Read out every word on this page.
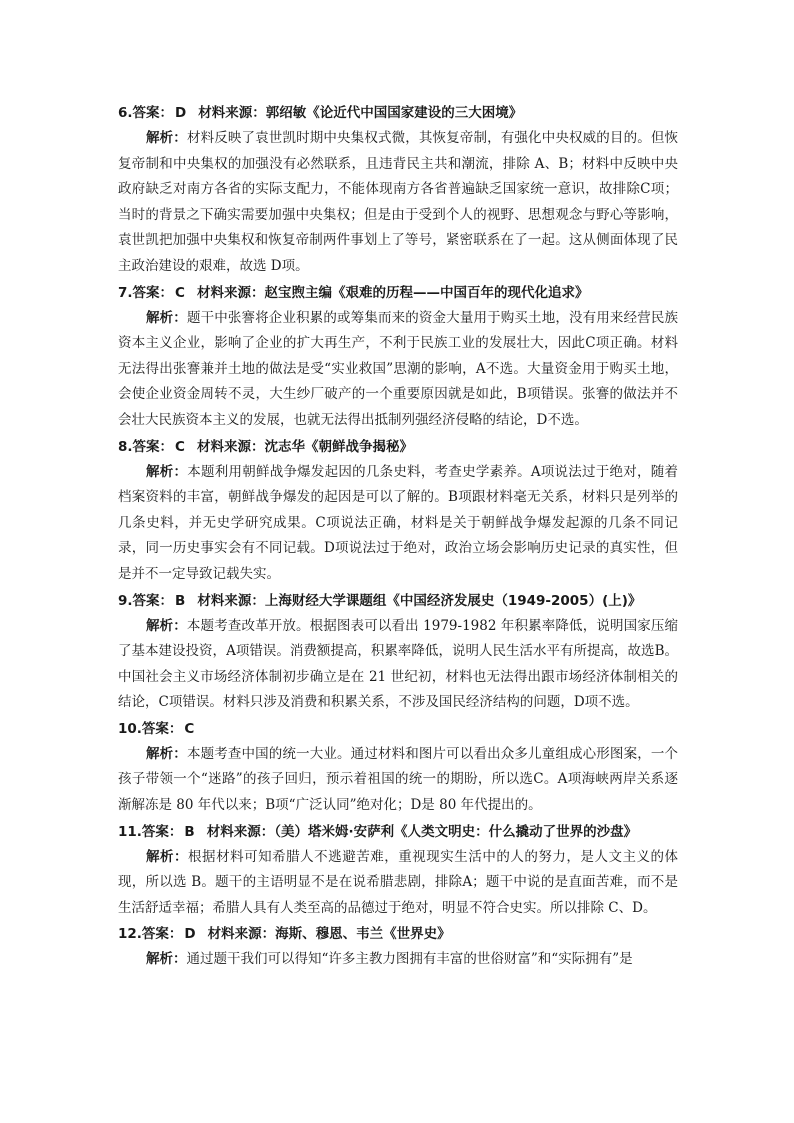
6.答案： D 材料来源：郭绍敏《论近代中国国家建设的三大困境》

解析：材料反映了袁世凯时期中央集权式微，其恢复帝制，有强化中央权威的目的。但恢复帝制和中央集权的加强没有必然联系，且违背民主共和潮流，排除 A、B；材料中反映中央政府缺乏对南方各省的实际支配力，不能体现南方各省普遍缺乏国家统一意识，故排除C项；当时的背景之下确实需要加强中央集权；但是由于受到个人的视野、思想观念与野心等影响，袁世凯把加强中央集权和恢复帝制两件事划上了等号，紧密联系在了一起。这从侧面体现了民主政治建设的艰难，故选 D项。

7.答案： C 材料来源：赵宝煦主编《艰难的历程——中国百年的现代化追求》

解析：题干中张謇将企业积累的或筹集而来的资金大量用于购买土地，没有用来经营民族资本主义企业，影响了企业的扩大再生产，不利于民族工业的发展壮大，因此C项正确。材料无法得出张謇兼并土地的做法是受“实业救国”思潮的影响，A不选。大量资金用于购买土地，会使企业资金周转不灵，大生纱厂破产的一个重要原因就是如此，B项错误。张謇的做法并不会壮大民族资本主义的发展，也就无法得出抵制列强经济侵略的结论，D不选。

8.答案： C 材料来源：沈志华《朝鲜战争揭秘》

解析：本题利用朝鲜战争爆发起因的几条史料，考查史学素养。A项说法过于绝对，随着档案资料的丰富，朝鲜战争爆发的起因是可以了解的。B项跟材料毫无关系，材料只是列举的几条史料，并无史学研究成果。C项说法正确，材料是关于朝鲜战争爆发起源的几条不同记录，同一历史事实会有不同记载。D项说法过于绝对，政治立场会影响历史记录的真实性，但是并不一定导致记载失实。

9.答案： B 材料来源：上海财经大学课题组《中国经济发展史（1949-2005）(上)》

解析：本题考查改革开放。根据图表可以看出 1979-1982 年积累率降低，说明国家压缩了基本建设投资，A项错误。消费额提高，积累率降低，说明人民生活水平有所提高，故选B。中国社会主义市场经济体制初步确立是在 21 世纪初，材料也无法得出跟市场经济体制相关的结论，C项错误。材料只涉及消费和积累关系，不涉及国民经济结构的问题，D项不选。

10.答案： C

解析：本题考查中国的统一大业。通过材料和图片可以看出众多儿童组成心形图案，一个孩子带领一个“迷路”的孩子回归，预示着祖国的统一的期盼，所以选C。A项海峡两岸关系逐渐解冻是 80 年代以来；B项“广泛认同”绝对化；D是 80 年代提出的。

11.答案： B 材料来源：（美）塔米姆·安萨利《人类文明史：什么撬动了世界的沙盘》

解析：根据材料可知希腊人不逃避苦难，重视现实生活中的人的努力，是人文主义的体现，所以选 B。题干的主语明显不是在说希腊悲剧，排除A；题干中说的是直面苦难，而不是生活舒适幸福；希腊人具有人类至高的品德过于绝对，明显不符合史实。所以排除 C、D。

12.答案： D 材料来源：海斯、穆恩、韦兰《世界史》

解析：通过题干我们可以得知“许多主教力图拥有丰富的世俗财富”和“实际拥有”是
